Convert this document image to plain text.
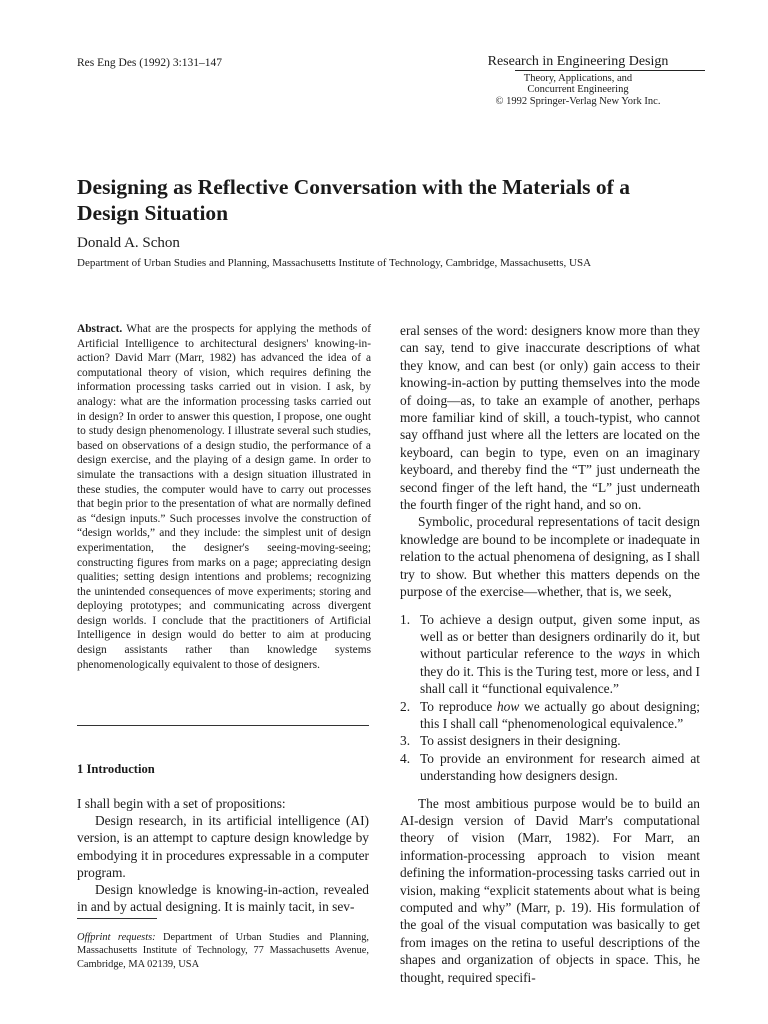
Res Eng Des (1992) 3:131–147	Research in Engineering Design
Theory, Applications, and
Concurrent Engineering
© 1992 Springer-Verlag New York Inc.
Designing as Reflective Conversation with the Materials of a Design Situation
Donald A. Schon
Department of Urban Studies and Planning, Massachusetts Institute of Technology, Cambridge, Massachusetts, USA

Abstract. What are the prospects for applying the methods of Artificial Intelligence to architectural designers' knowing-in-action? David Marr (Marr, 1982) has advanced the idea of a computational theory of vision, which requires defining the information processing tasks carried out in vision. I ask, by analogy: what are the information processing tasks carried out in design? In order to answer this question, I propose, one ought to study design phenomenology. I illustrate several such studies, based on observations of a design studio, the performance of a design exercise, and the playing of a design game. In order to simulate the transactions with a design situation illustrated in these studies, the computer would have to carry out processes that begin prior to the presentation of what are normally defined as “design inputs.” Such processes involve the construction of “design worlds,” and they include: the simplest unit of design experimentation, the designer's seeing-moving-seeing; constructing figures from marks on a page; appreciating design qualities; setting design intentions and problems; recognizing the unintended consequences of move experiments; storing and deploying prototypes; and communicating across divergent design worlds. I conclude that the practitioners of Artificial Intelligence in design would do better to aim at producing design assistants rather than knowledge systems phenomenologically equivalent to those of designers.

1 Introduction

I shall begin with a set of propositions:

Design research, in its artificial intelligence (AI) version, is an attempt to capture design knowledge by embodying it in procedures expressable in a computer program.

Design knowledge is knowing-in-action, revealed in and by actual designing. It is mainly tacit, in sev-

Offprint requests: Department of Urban Studies and Planning, Massachusetts Institute of Technology, 77 Massachusetts Avenue, Cambridge, MA 02139, USA

eral senses of the word: designers know more than they can say, tend to give inaccurate descriptions of what they know, and can best (or only) gain access to their knowing-in-action by putting themselves into the mode of doing—as, to take an example of another, perhaps more familiar kind of skill, a touch-typist, who cannot say offhand just where all the letters are located on the keyboard, can begin to type, even on an imaginary keyboard, and thereby find the “T” just underneath the second finger of the left hand, the “L” just underneath the fourth finger of the right hand, and so on.

Symbolic, procedural representations of tacit design knowledge are bound to be incomplete or inadequate in relation to the actual phenomena of designing, as I shall try to show. But whether this matters depends on the purpose of the exercise—whether, that is, we seek,

1. To achieve a design output, given some input, as well as or better than designers ordinarily do it, but without particular reference to the ways in which they do it. This is the Turing test, more or less, and I shall call it “functional equivalence.”
2. To reproduce how we actually go about designing; this I shall call “phenomenological equivalence.”
3. To assist designers in their designing.
4. To provide an environment for research aimed at understanding how designers design.

The most ambitious purpose would be to build an AI-design version of David Marr's computational theory of vision (Marr, 1982). For Marr, an information-processing approach to vision meant defining the information-processing tasks carried out in vision, making “explicit statements about what is being computed and why” (Marr, p. 19). His formulation of the goal of the visual computation was basically to get from images on the retina to useful descriptions of the shapes and organization of objects in space. This, he thought, required specifi-
